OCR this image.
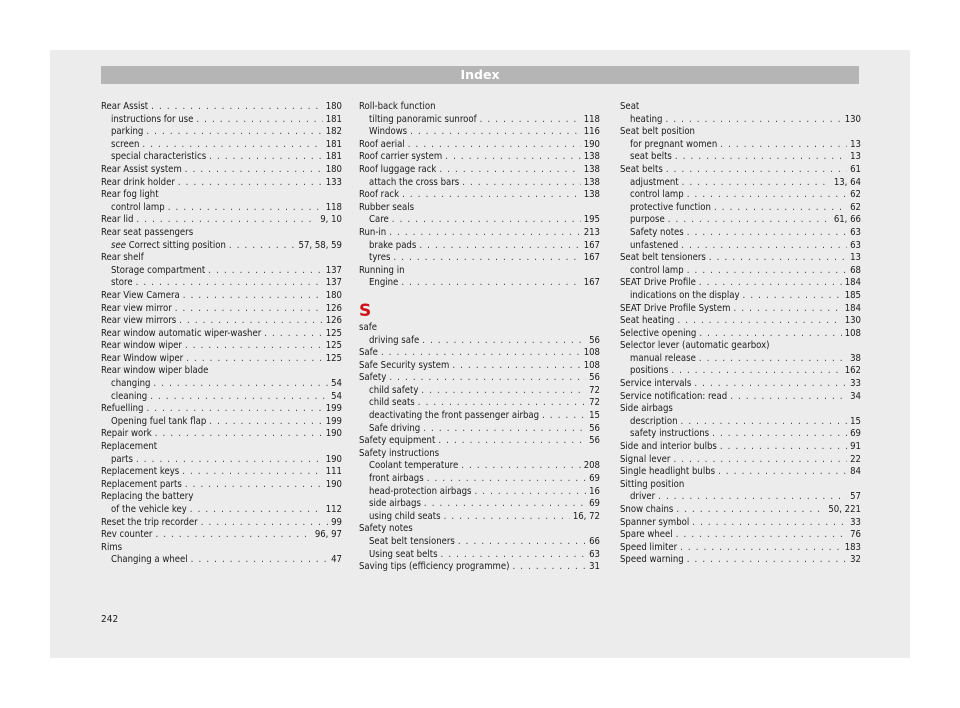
Index
Rear Assist . . .	180
instructions for use . . .	181
parking . . .	182
screen . . .	181
special characteristics . . .	181
Rear Assist system . . .	180
Rear drink holder . . .	133
Rear fog light
control lamp . . .	118
Rear lid . . .	9, 10
Rear seat passengers
see Correct sitting position . . .	57, 58, 59
Rear shelf
Storage compartment . . .	137
store . . .	137
Rear View Camera . . .	180
Rear view mirror . . .	126
Rear view mirrors . . .	126
Rear window automatic wiper-washer . . .	125
Rear window wiper . . .	125
Rear Window wiper . . .	125
Rear window wiper blade
changing . . .	54
cleaning . . .	54
Refuelling . . .	199
Opening fuel tank flap . . .	199
Repair work . . .	190
Replacement
parts . . .	190
Replacement keys . . .	111
Replacement parts . . .	190
Replacing the battery
of the vehicle key . . .	112
Reset the trip recorder . . .	99
Rev counter . . .	96, 97
Rims
Changing a wheel . . .	47
Roll-back function
tilting panoramic sunroof . . .	118
Windows . . .	116
Roof aerial . . .	190
Roof carrier system . . .	138
Roof luggage rack . . .	138
attach the cross bars . . .	138
Roof rack . . .	138
Rubber seals
Care . . .	195
Run-in . . .	213
brake pads . . .	167
tyres . . .	167
Running in
Engine . . .	167
S
safe
driving safe . . .	56
Safe . . .	108
Safe Security system . . .	108
Safety . . .	56
child safety . . .	72
child seats . . .	72
deactivating the front passenger airbag . . .	15
Safe driving . . .	56
Safety equipment . . .	56
Safety instructions
Coolant temperature . . .	208
front airbags . . .	69
head-protection airbags . . .	16
side airbags . . .	69
using child seats . . .	16, 72
Safety notes
Seat belt tensioners . . .	66
Using seat belts . . .	63
Saving tips (efficiency programme) . . .	31
Seat
heating . . .	130
Seat belt position
for pregnant women . . .	13
seat belts . . .	13
Seat belts . . .	61
adjustment . . .	13, 64
control lamp . . .	62
protective function . . .	62
purpose . . .	61, 66
Safety notes . . .	63
unfastened . . .	63
Seat belt tensioners . . .	13
control lamp . . .	68
SEAT Drive Profile . . .	184
indications on the display . . .	185
SEAT Drive Profile System . . .	184
Seat heating . . .	130
Selective opening . . .	108
Selector lever (automatic gearbox)
manual release . . .	38
positions . . .	162
Service intervals . . .	33
Service notification: read . . .	34
Side airbags
description . . .	15
safety instructions . . .	69
Side and interior bulbs . . .	91
Signal lever . . .	22
Single headlight bulbs . . .	84
Sitting position
driver . . .	57
Snow chains . . .	50, 221
Spanner symbol . . .	33
Spare wheel . . .	76
Speed limiter . . .	183
Speed warning . . .	32
242
